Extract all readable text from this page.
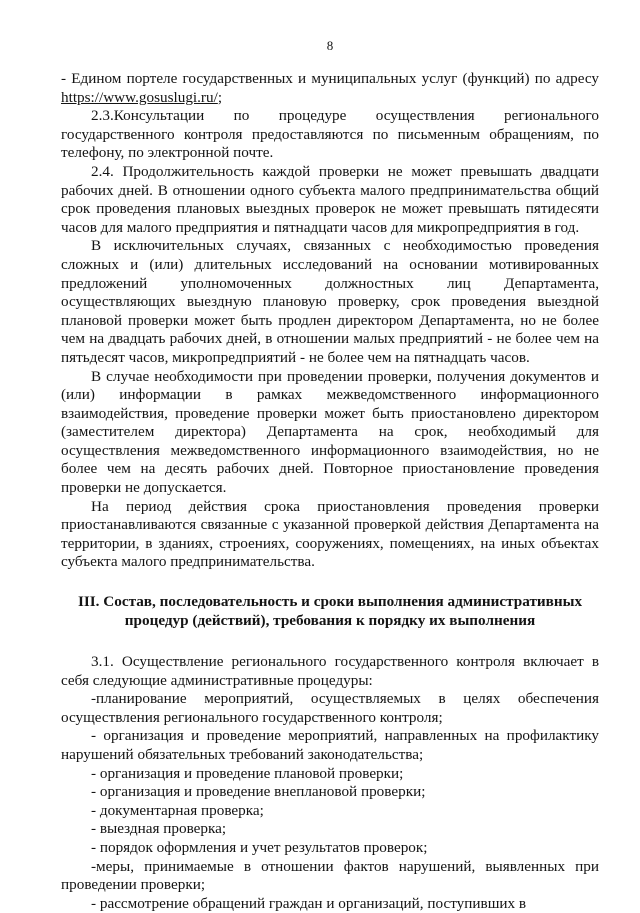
8

- Едином портеле государственных и муниципальных услуг (функций) по адресу https://www.gosuslugi.ru/;

2.3.Консультации по процедуре осуществления регионального государственного контроля предоставляются по письменным обращениям, по телефону, по электронной почте.

2.4. Продолжительность каждой проверки не может превышать двадцати рабочих дней. В отношении одного субъекта малого предпринимательства общий срок проведения плановых выездных проверок не может превышать пятидесяти часов для малого предприятия и пятнадцати часов для микропредприятия в год.

В исключительных случаях, связанных с необходимостью проведения сложных и (или) длительных исследований на основании мотивированных предложений уполномоченных должностных лиц Департамента, осуществляющих выездную плановую проверку, срок проведения выездной плановой проверки может быть продлен директором Департамента, но не более чем на двадцать рабочих дней, в отношении малых предприятий - не более чем на пятьдесят часов, микропредприятий - не более чем на пятнадцать часов.

В случае необходимости при проведении проверки, получения документов и (или) информации в рамках межведомственного информационного взаимодействия, проведение проверки может быть приостановлено директором (заместителем директора) Департамента на срок, необходимый для осуществления межведомственного информационного взаимодействия, но не более чем на десять рабочих дней. Повторное приостановление проведения проверки не допускается.

На период действия срока приостановления проведения проверки приостанавливаются связанные с указанной проверкой действия Департамента на территории, в зданиях, строениях, сооружениях, помещениях, на иных объектах субъекта малого предпринимательства.

III. Состав, последовательность и сроки выполнения административных процедур (действий), требования к порядку их выполнения

3.1. Осуществление регионального государственного контроля включает в себя следующие административные процедуры:

-планирование мероприятий, осуществляемых в целях обеспечения осуществления регионального государственного контроля;

- организация и проведение мероприятий, направленных на профилактику нарушений обязательных требований законодательства;

- организация и проведение плановой проверки;

- организация и проведение внеплановой проверки;

- документарная проверка;

- выездная проверка;

- порядок оформления и учет результатов проверок;

-меры, принимаемые в отношении фактов нарушений, выявленных при проведении проверки;

- рассмотрение обращений граждан и организаций, поступивших в
